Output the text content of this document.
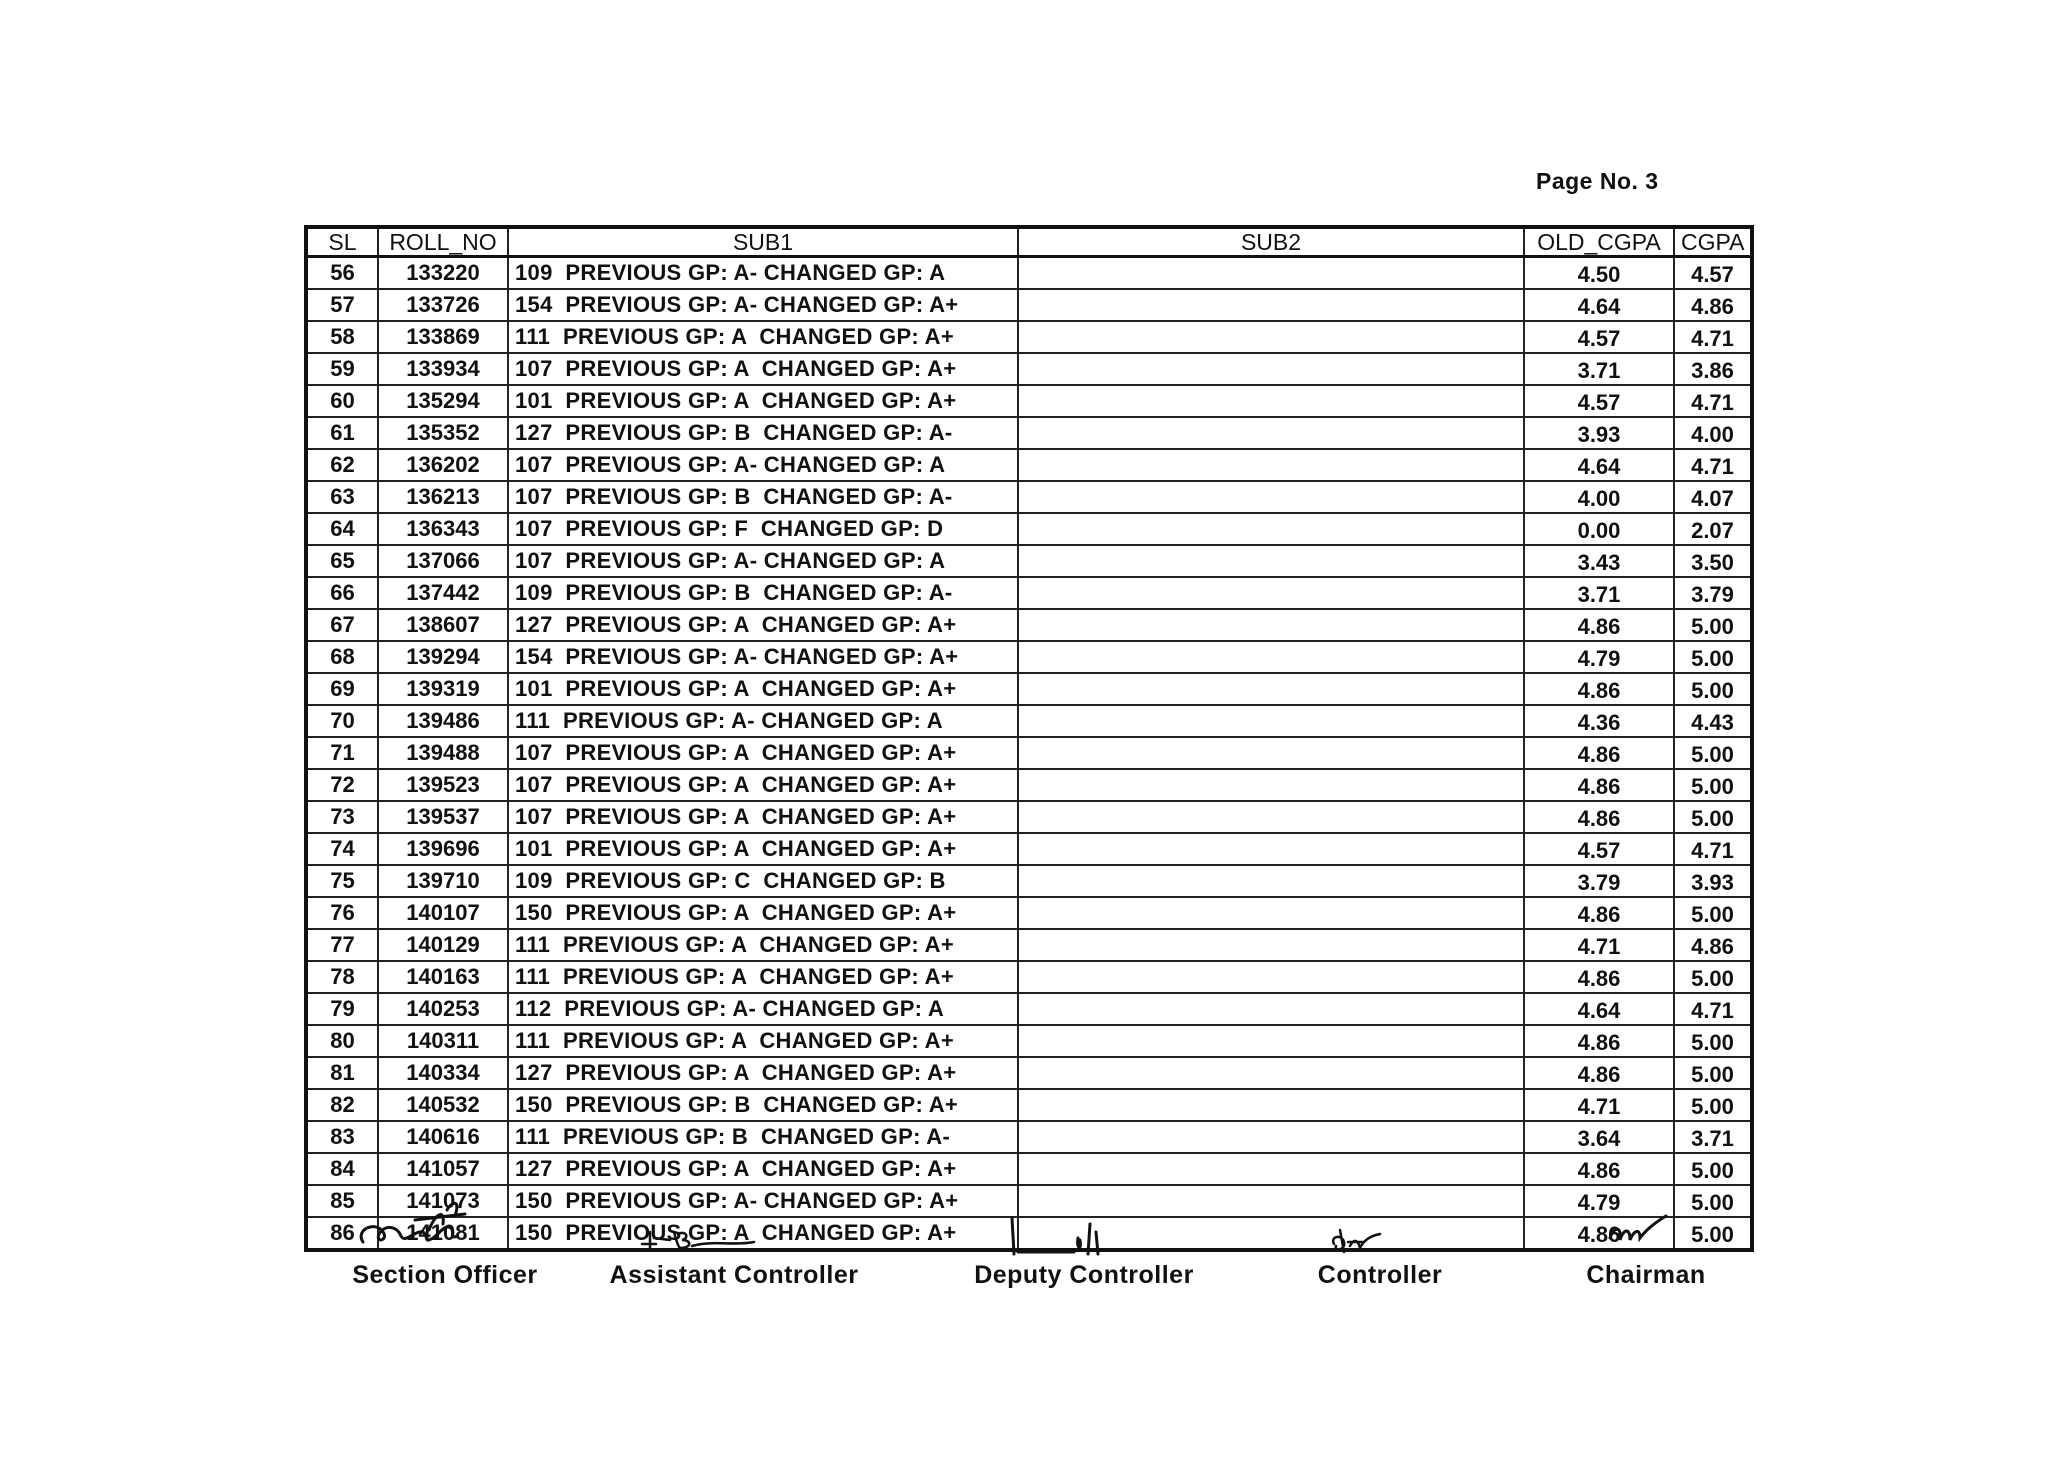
Page No. 3
SL	ROLL_NO	SUB1	SUB2	OLD_CGPA	CGPA
56	133220	109  PREVIOUS GP: A- CHANGED GP: A		4.50	4.57
57	133726	154  PREVIOUS GP: A- CHANGED GP: A+		4.64	4.86
58	133869	111  PREVIOUS GP: A  CHANGED GP: A+		4.57	4.71
59	133934	107  PREVIOUS GP: A  CHANGED GP: A+		3.71	3.86
60	135294	101  PREVIOUS GP: A  CHANGED GP: A+		4.57	4.71
61	135352	127  PREVIOUS GP: B  CHANGED GP: A-		3.93	4.00
62	136202	107  PREVIOUS GP: A- CHANGED GP: A		4.64	4.71
63	136213	107  PREVIOUS GP: B  CHANGED GP: A-		4.00	4.07
64	136343	107  PREVIOUS GP: F  CHANGED GP: D		0.00	2.07
65	137066	107  PREVIOUS GP: A- CHANGED GP: A		3.43	3.50
66	137442	109  PREVIOUS GP: B  CHANGED GP: A-		3.71	3.79
67	138607	127  PREVIOUS GP: A  CHANGED GP: A+		4.86	5.00
68	139294	154  PREVIOUS GP: A- CHANGED GP: A+		4.79	5.00
69	139319	101  PREVIOUS GP: A  CHANGED GP: A+		4.86	5.00
70	139486	111  PREVIOUS GP: A- CHANGED GP: A		4.36	4.43
71	139488	107  PREVIOUS GP: A  CHANGED GP: A+		4.86	5.00
72	139523	107  PREVIOUS GP: A  CHANGED GP: A+		4.86	5.00
73	139537	107  PREVIOUS GP: A  CHANGED GP: A+		4.86	5.00
74	139696	101  PREVIOUS GP: A  CHANGED GP: A+		4.57	4.71
75	139710	109  PREVIOUS GP: C  CHANGED GP: B		3.79	3.93
76	140107	150  PREVIOUS GP: A  CHANGED GP: A+		4.86	5.00
77	140129	111  PREVIOUS GP: A  CHANGED GP: A+		4.71	4.86
78	140163	111  PREVIOUS GP: A  CHANGED GP: A+		4.86	5.00
79	140253	112  PREVIOUS GP: A- CHANGED GP: A		4.64	4.71
80	140311	111  PREVIOUS GP: A  CHANGED GP: A+		4.86	5.00
81	140334	127  PREVIOUS GP: A  CHANGED GP: A+		4.86	5.00
82	140532	150  PREVIOUS GP: B  CHANGED GP: A+		4.71	5.00
83	140616	111  PREVIOUS GP: B  CHANGED GP: A-		3.64	3.71
84	141057	127  PREVIOUS GP: A  CHANGED GP: A+		4.86	5.00
85	141073	150  PREVIOUS GP: A- CHANGED GP: A+		4.79	5.00
86	141081	150  PREVIOUS GP: A  CHANGED GP: A+		4.86	5.00
Section Officer	Assistant Controller	Deputy Controller	Controller	Chairman
